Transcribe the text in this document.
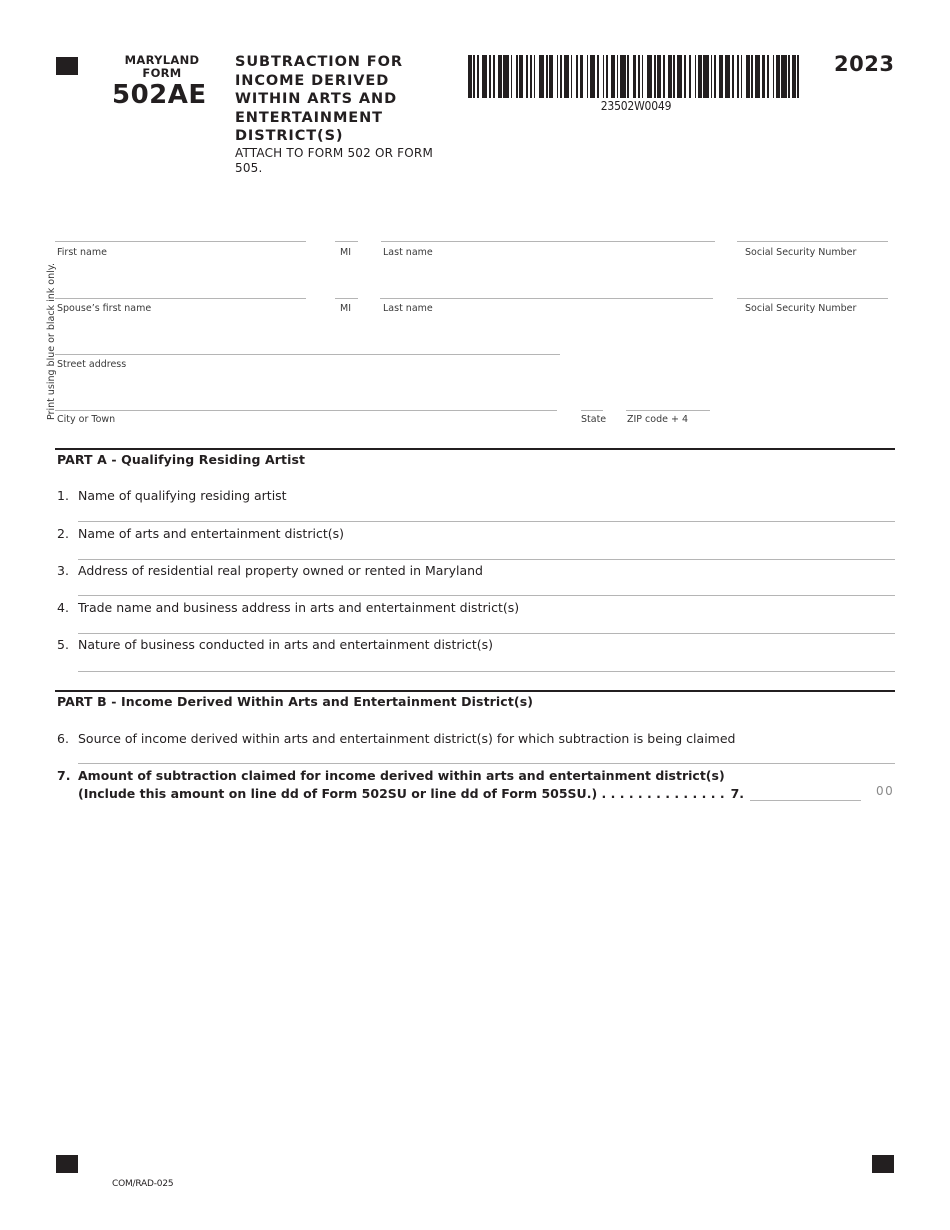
MARYLAND
FORM
502AE
SUBTRACTION FOR
INCOME DERIVED
WITHIN ARTS AND
ENTERTAINMENT
DISTRICT(S)
ATTACH TO FORM 502 OR FORM
505.
23502W0049
2023
Print using blue or black ink only.
First name	MI	Last name	Social Security Number
Spouse’s first name	MI	Last name	Social Security Number
Street address
City or Town	State ZIP code + 4
PART A - Qualifying Residing Artist
1. Name of qualifying residing artist
2. Name of arts and entertainment district(s)
3. Address of residential real property owned or rented in Maryland
4. Trade name and business address in arts and entertainment district(s)
5. Nature of business conducted in arts and entertainment district(s)
PART B - Income Derived Within Arts and Entertainment District(s)
6. Source of income derived within arts and entertainment district(s) for which subtraction is being claimed
7. Amount of subtraction claimed for income derived within arts and entertainment district(s)
(Include this amount on line dd of Form 502SU or line dd of Form 505SU.) . . . . . . . . . . . . . . 7.	00
COM/RAD-025
